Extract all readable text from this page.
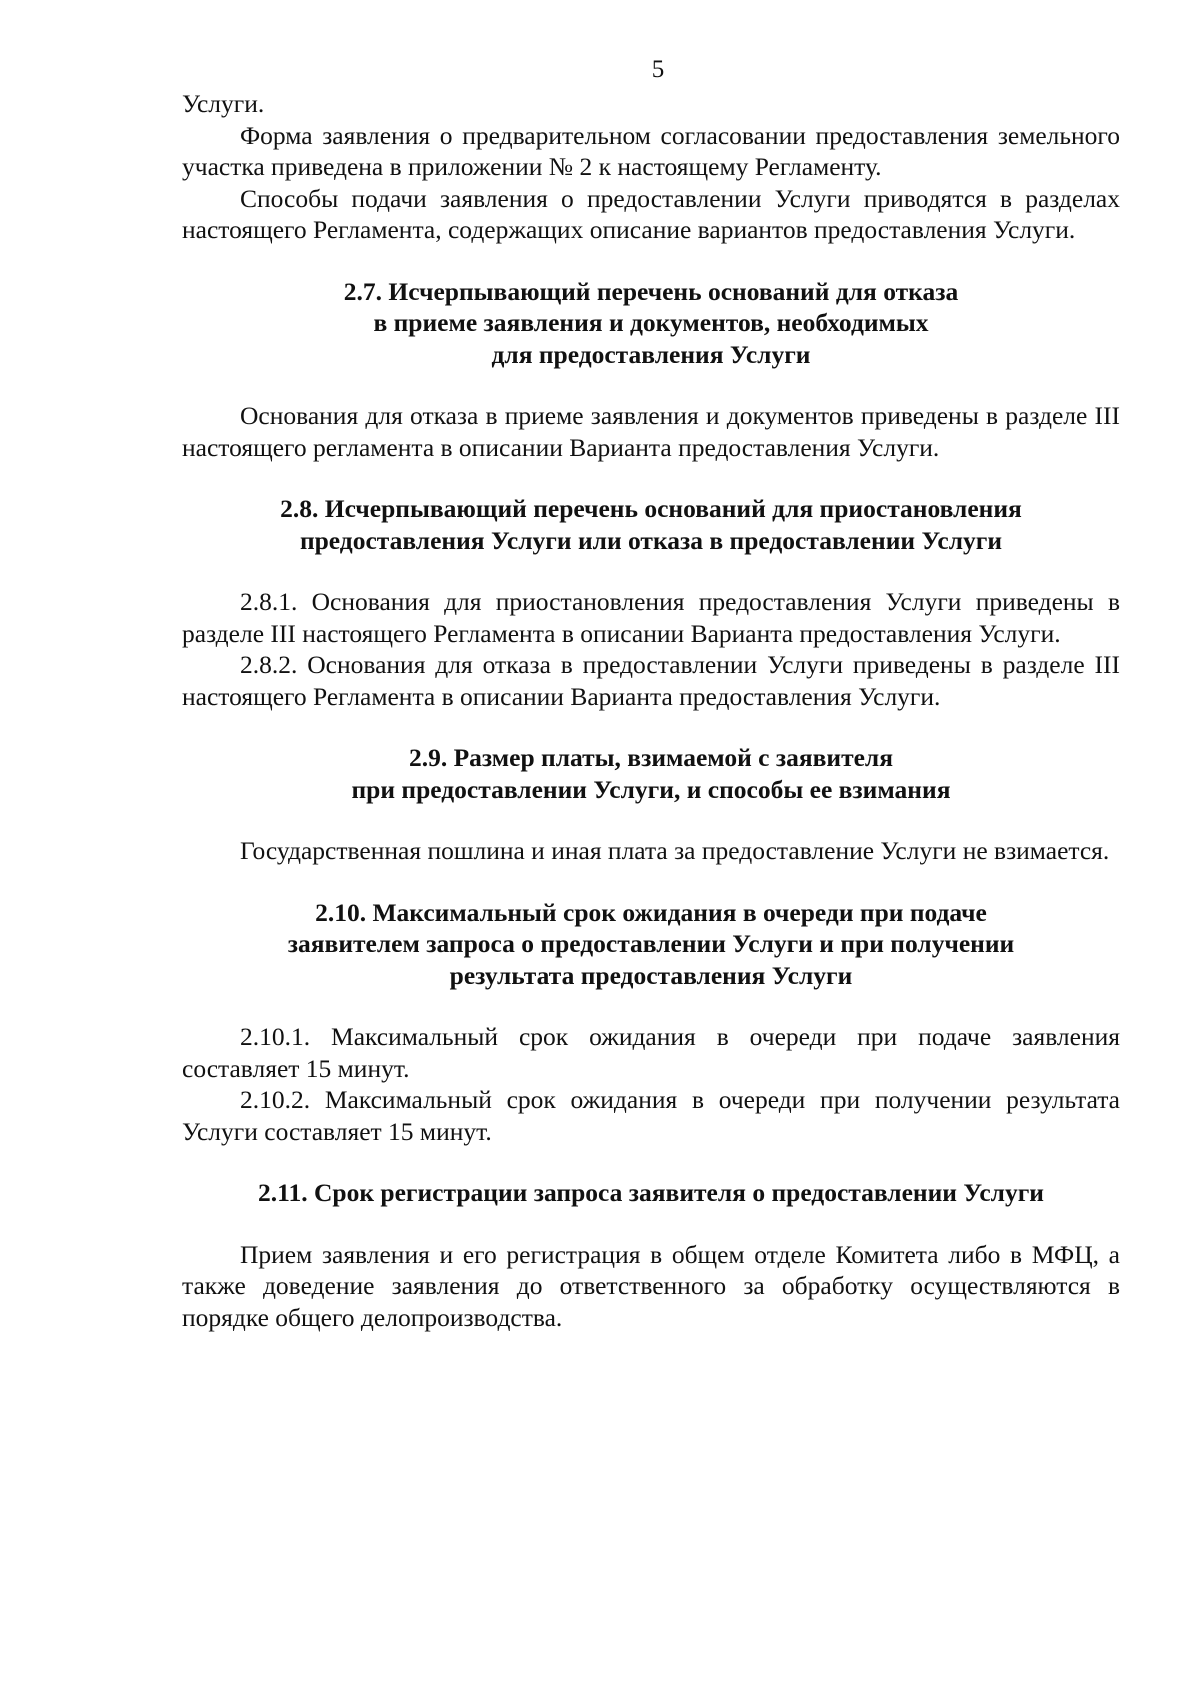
5

Услуги.

Форма заявления о предварительном согласовании предоставления земельного участка приведена в приложении № 2 к настоящему Регламенту.

Способы подачи заявления о предоставлении Услуги приводятся в разделах настоящего Регламента, содержащих описание вариантов предоставления Услуги.

2.7. Исчерпывающий перечень оснований для отказа
в приеме заявления и документов, необходимых
для предоставления Услуги

Основания для отказа в приеме заявления и документов приведены в разделе III настоящего регламента в описании Варианта предоставления Услуги.

2.8. Исчерпывающий перечень оснований для приостановления
предоставления Услуги или отказа в предоставлении Услуги

2.8.1. Основания для приостановления предоставления Услуги приведены в разделе III настоящего Регламента в описании Варианта предоставления Услуги.

2.8.2. Основания для отказа в предоставлении Услуги приведены в разделе III настоящего Регламента в описании Варианта предоставления Услуги.

2.9. Размер платы, взимаемой с заявителя
при предоставлении Услуги, и способы ее взимания

Государственная пошлина и иная плата за предоставление Услуги не взимается.

2.10. Максимальный срок ожидания в очереди при подаче
заявителем запроса о предоставлении Услуги и при получении
результата предоставления Услуги

2.10.1. Максимальный срок ожидания в очереди при подаче заявления составляет 15 минут.

2.10.2. Максимальный срок ожидания в очереди при получении результата Услуги составляет 15 минут.

2.11. Срок регистрации запроса заявителя о предоставлении Услуги

Прием заявления и его регистрация в общем отделе Комитета либо в МФЦ, а также доведение заявления до ответственного за обработку осуществляются в порядке общего делопроизводства.
